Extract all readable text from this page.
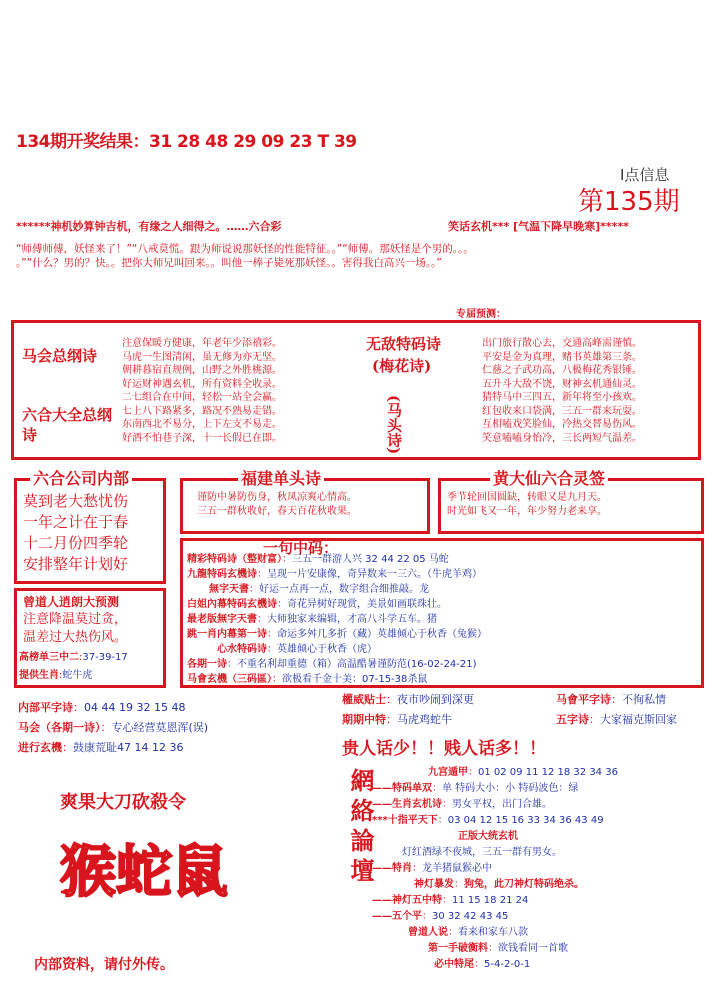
134期开奖结果：31 28 48 29 09 23 T 39
I点信息
第135期
******神机妙算钟吉机，有缘之人细得之。……六合彩	笑话玄机*** [气温下降早晚寒]*****
“师傅师傅，妖怪来了！”“八戒莫慌。跟为师说说那妖怪的性能特征。。”“师傅。那妖怪是个男的。。。
。”“什么？男的？快。。把你大师兄叫回来。。叫他一棒子毙死那妖怪。。害得我白高兴一场。。”
专届预测：
马会总纲诗
六合大全总纲诗
注意保暖方健康，年老年少添禧彩。
马虎一生图清闲，虽无修为亦无坚。
朝耕暮宿直规例，山野之外胜桃源。
好运财神遇玄机，所有资料全收录。
二七组合在中间，轻松一站全会赢。
七上八下路紧多，路况不熟易走错。
东南西北不易分，上下左支不易走。
好酒不怕巷子深，十一长假已在即。
无敌特码诗
(梅花诗)
(马头诗)
出门旅行散心去，交通高峰需谨慎。
平安是金为真理，赌书英雄第三条。
仁慈之子武功高，八极梅花秀银锤。
五升斗大敌不饶，财神玄机通仙灵。
猜特马中三四五，新年将至小孩欢。
红包收来口袋满，三五一群来玩耍。
互相嗑戏笑脸仙，冷热交替易伤风。
笑意嗑嗑身怡冷，三长两短气温差。
六合公司内部
莫到老大愁忧伤
一年之计在于春
十二月份四季轮
安排整年计划好
福建单头诗
谨防中暑防伤身，秋凤凉爽心情高。
三五一群秋收好，春天百花秋收果。
黄大仙六合灵签
季节轮回国圆缺，转眼又是九月天。
时光如飞又一年，年少努力老来享。
曾道人逍朗大预测
注意降温莫过贪，
温差过大热伤风。
高榜单三中二:37-39-17
提供生肖:蛇牛虎
一句中码：
精彩特码诗（整财富）：三五一群游人兴 32 44 22 05 马蛇
九龍特码玄機诗：呈现一片安康像，奇异数来一三六。（牛虎羊鸡）
無字天書：好运一点再一点，数字组合细推敲。龙
白姐內幕特码玄機诗：奇花异树好现赏，美景如画联珠壮。
最老版無字天書：大师独家来编辑，才高八斗学五车。猪
跳一肖内幕第一诗：命运多舛几多折（藏）英雄倾心于秋香（兔猴）
心水特码诗：英雄倾心于秋香（虎）
各期一诗：不重名利却重德（箱）高温酷暑谨防范(16-02-24-21)
马會玄機（三码區）：欲极看千金十美：07-15-38杀鼠
内部平字诗：04 44 19 32 15 48
马会（各期一诗）：专心经营莫恩浑(误)
进行玄機：鼓康荒耻47 14 12 36
權威贴士：夜市吵闹到深更
期期中特：马虎鸡蛇牛
马會平字诗：不徇私情
五字诗：大家福克斯回家
贵人话少！！贱人话多！！
爽果大刀砍殺令
猴蛇鼠	網絡論壇	九宫遁甲：01 02 09 11 12 18 32 34 36
——特码单双：单 特码大小：小 特码波色：绿
——生肖玄机诗：男女平权，出门合雄。
***十指平天下：03 04 12 15 16 33 34 36 43 49
正版大统玄机
灯红酒绿不夜城，三五一群有男女。
——特肖：龙羊猪鼠猴必中
神灯暴发：狗兔，此刀神灯特码绝杀。
——神灯五中特：11 15 18 21 24
——五个平：30 32 42 43 45
曾道人说：看来和家车八款
第一手破衡料：欲钱看同一首歌
必中特尾：5-4-2-0-1
内部资料，请付外传。
